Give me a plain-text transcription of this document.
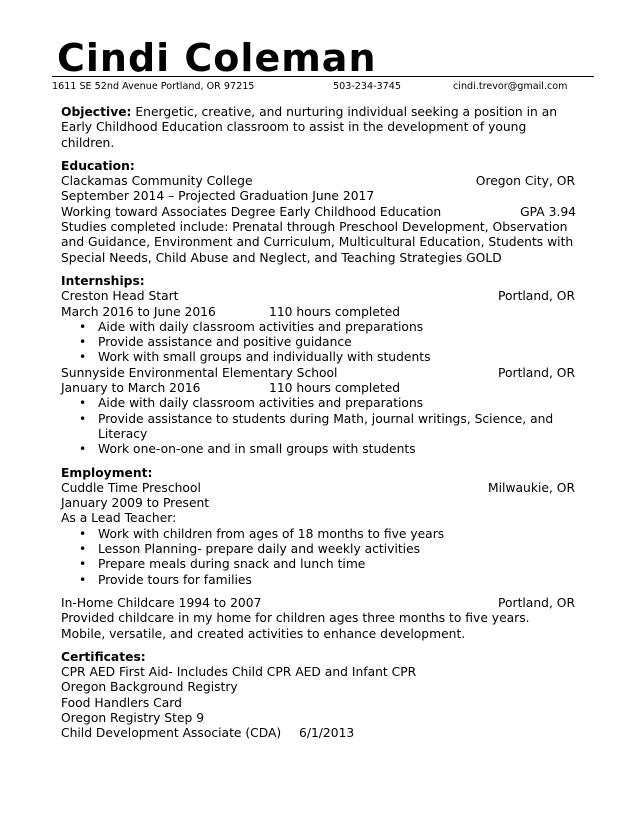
Cindi Coleman
1611 SE 52nd Avenue Portland, OR 97215	503-234-3745	cindi.trevor@gmail.com

Objective: Energetic, creative, and nurturing individual seeking a position in an Early Childhood Education classroom to assist in the development of young children.

Education:
Clackamas Community College	Oregon City, OR
September 2014 – Projected Graduation June 2017
Working toward Associates Degree Early Childhood Education	GPA 3.94

Studies completed include: Prenatal through Preschool Development, Observation and Guidance, Environment and Curriculum, Multicultural Education, Students with Special Needs, Child Abuse and Neglect, and Teaching Strategies GOLD

Internships:
Creston Head Start	Portland, OR
March 2016 to June 2016	110 hours completed
• Aide with daily classroom activities and preparations
• Provide assistance and positive guidance
• Work with small groups and individually with students
Sunnyside Environmental Elementary School	Portland, OR
January to March 2016	110 hours completed
• Aide with daily classroom activities and preparations
• Provide assistance to students during Math, journal writings, Science, and Literacy
• Work one-on-one and in small groups with students
Employment:
Cuddle Time Preschool	Milwaukie, OR
January 2009 to Present
As a Lead Teacher:
• Work with children from ages of 18 months to five years
• Lesson Planning- prepare daily and weekly activities
• Prepare meals during snack and lunch time
• Provide tours for families
In-Home Childcare 1994 to 2007	Portland, OR
Provided childcare in my home for children ages three months to five years.
Mobile, versatile, and created activities to enhance development.
Certificates:
CPR AED First Aid- Includes Child CPR AED and Infant CPR
Oregon Background Registry
Food Handlers Card
Oregon Registry Step 9
Child Development Associate (CDA)	6/1/2013
